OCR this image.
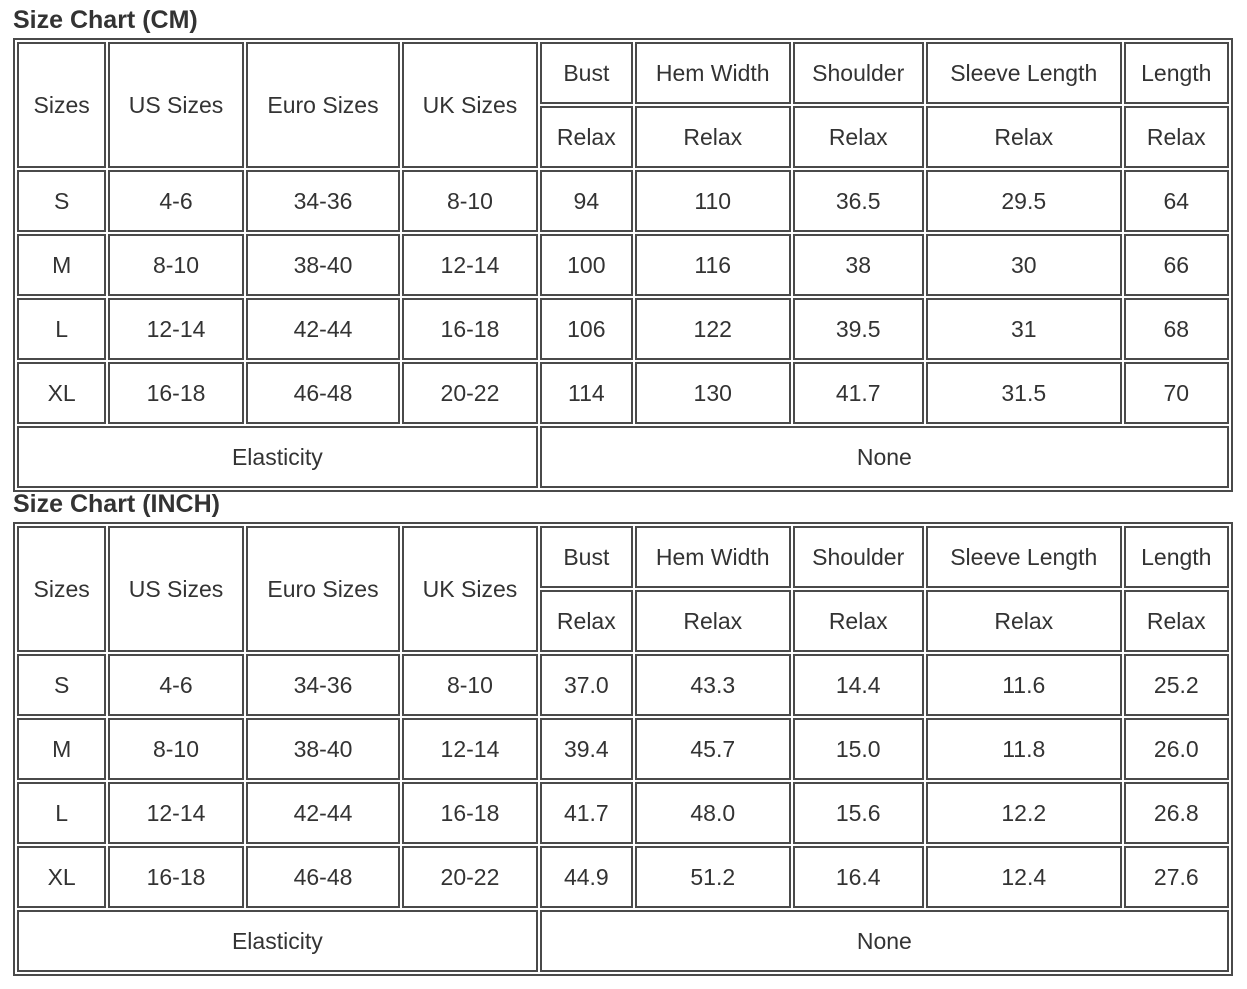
Size Chart (CM)
Sizes	US Sizes	Euro Sizes	UK Sizes	Bust	Hem Width	Shoulder	Sleeve Length	Length
				Relax	Relax	Relax	Relax	Relax
S	4-6	34-36	8-10	94	110	36.5	29.5	64
M	8-10	38-40	12-14	100	116	38	30	66
L	12-14	42-44	16-18	106	122	39.5	31	68
XL	16-18	46-48	20-22	114	130	41.7	31.5	70
Elasticity				None				
Size Chart (INCH)
Sizes	US Sizes	Euro Sizes	UK Sizes	Bust	Hem Width	Shoulder	Sleeve Length	Length
				Relax	Relax	Relax	Relax	Relax
S	4-6	34-36	8-10	37.0	43.3	14.4	11.6	25.2
M	8-10	38-40	12-14	39.4	45.7	15.0	11.8	26.0
L	12-14	42-44	16-18	41.7	48.0	15.6	12.2	26.8
XL	16-18	46-48	20-22	44.9	51.2	16.4	12.4	27.6
Elasticity				None				
